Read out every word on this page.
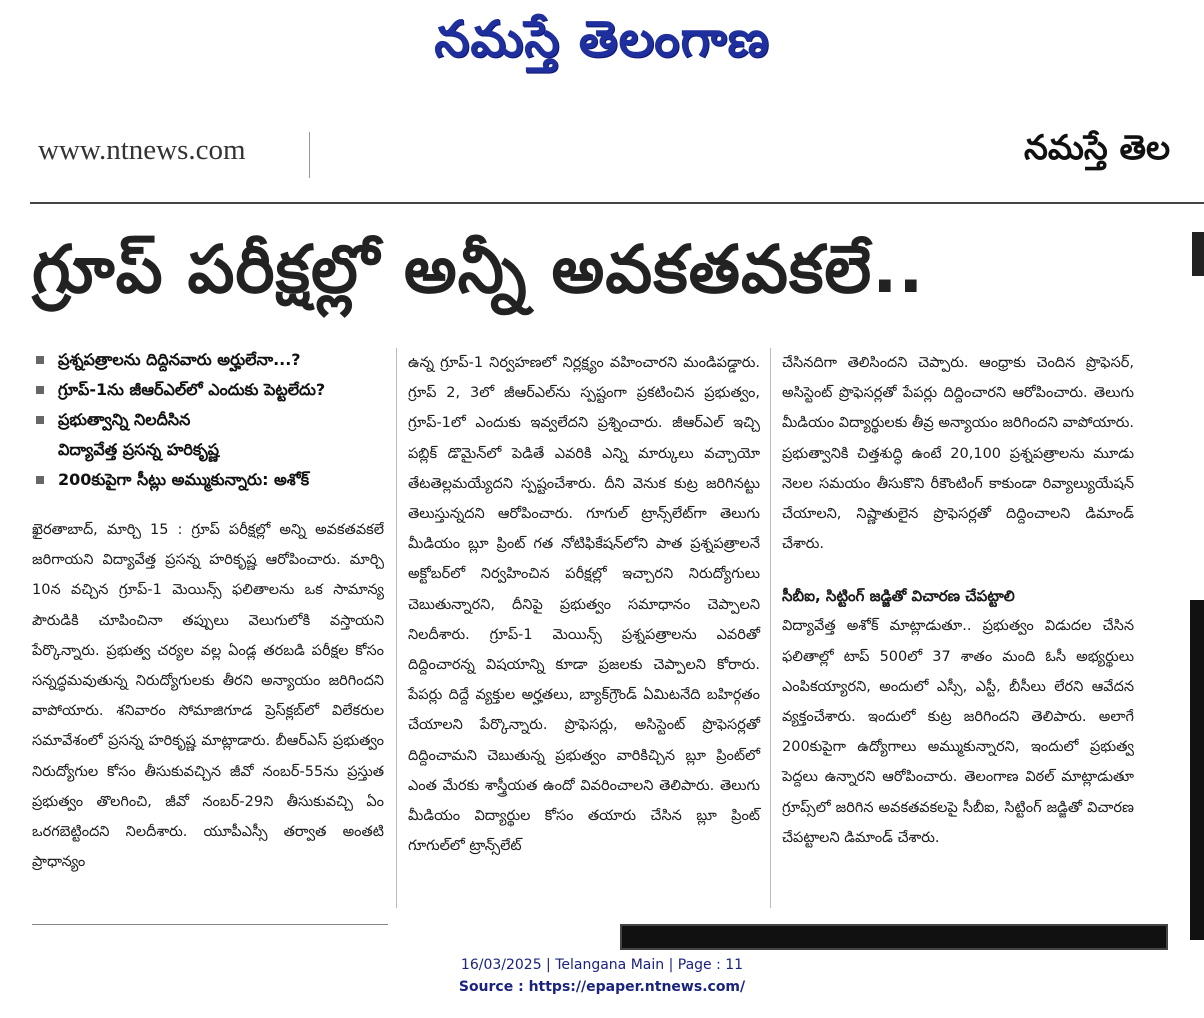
నమస్తే తెలంగాణ
www.ntnews.com	నమస్తే తెల
గ్రూప్ పరీక్షల్లో అన్నీ అవకతవకలే..
ప్రశ్నపత్రాలను దిద్దినవారు అర్హులేనా...?
గ్రూప్-1ను జీఆర్‌ఎల్‌లో ఎందుకు పెట్టలేదు?
ప్రభుత్వాన్ని నిలదీసిన
విద్యావేత్త ప్రసన్న హరికృష్ణ
200కుపైగా సీట్లు అమ్ముకున్నారు: అశోక్

ఖైరతాబాద్, మార్చి 15 : గ్రూప్ పరీక్షల్లో అన్ని అవకతవకలే జరిగాయని విద్యావేత్త ప్రసన్న హరికృష్ణ ఆరోపించారు. మార్చి 10న వచ్చిన గ్రూప్-1 మెయిన్స్ ఫలితాలను ఒక సామాన్య పౌరుడికి చూపించినా తప్పులు వెలుగులోకి వస్తాయని పేర్కొన్నారు. ప్రభుత్వ చర్యల వల్ల ఏండ్ల తరబడి పరీక్షల కోసం సన్నద్ధమవుతున్న నిరుద్యోగులకు తీరని అన్యాయం జరిగిందని వాపోయారు. శనివారం సోమాజిగూడ ప్రెస్‌క్లబ్‌లో విలేకరుల సమావేశంలో ప్రసన్న హరికృష్ణ మాట్లాడారు. బీఆర్‌ఎస్ ప్రభుత్వం నిరుద్యోగుల కోసం తీసుకువచ్చిన జీవో నంబర్-55ను ప్రస్తుత ప్రభుత్వం తొలగించి, జీవో నంబర్-29ని తీసుకువచ్చి ఏం ఒరగబెట్టిందని నిలదీశారు. యూపీఎస్సీ తర్వాత అంతటి ప్రాధాన్యం

ఉన్న గ్రూప్-1 నిర్వహణలో నిర్లక్ష్యం వహించారని మండిపడ్డారు. గ్రూప్ 2, 3లో జీఆర్‌ఎల్‌ను స్పష్టంగా ప్రకటించిన ప్రభుత్వం, గ్రూప్-1లో ఎందుకు ఇవ్వలేదని ప్రశ్నించారు. జీఆర్‌ఎల్ ఇచ్చి పబ్లిక్ డొమైన్‌లో పెడితే ఎవరికి ఎన్ని మార్కులు వచ్చాయో తేటతెల్లమయ్యేదని స్పష్టంచేశారు. దీని వెనుక కుట్ర జరిగినట్టు తెలుస్తున్నదని ఆరోపించారు. గూగుల్ ట్రాన్స్‌లేట్‌గా తెలుగు మీడియం బ్లూ ప్రింట్ గత నోటిఫికేషన్‌లోని పాత ప్రశ్నపత్రాలనే అక్టోబర్‌లో నిర్వహించిన పరీక్షల్లో ఇచ్చారని నిరుద్యోగులు చెబుతున్నారని, దీనిపై ప్రభుత్వం సమాధానం చెప్పాలని నిలదీశారు. గ్రూప్-1 మెయిన్స్ ప్రశ్నపత్రాలను ఎవరితో దిద్దించారన్న విషయాన్ని కూడా ప్రజలకు చెప్పాలని కోరారు. పేపర్లు దిద్దే వ్యక్తుల అర్హతలు, బ్యాక్‌గ్రౌండ్ ఏమిటనేది బహిర్గతం చేయాలని పేర్కొన్నారు. ప్రొఫెసర్లు, అసిస్టెంట్ ప్రొఫెసర్లతో దిద్దించామని చెబుతున్న ప్రభుత్వం వారికిచ్చిన బ్లూ ప్రింట్‌లో ఎంత మేరకు శాస్త్రీయత ఉందో వివరించాలని తెలిపారు. తెలుగు మీడియం విద్యార్థుల కోసం తయారు చేసిన బ్లూ ప్రింట్ గూగుల్‌లో ట్రాన్స్‌లేట్

చేసినదిగా తెలిసిందని చెప్పారు. ఆంధ్రాకు చెందిన ప్రొఫెసర్, అసిస్టెంట్ ప్రొఫెసర్లతో పేపర్లు దిద్దించారని ఆరోపించారు. తెలుగు మీడియం విద్యార్థులకు తీవ్ర అన్యాయం జరిగిందని వాపోయారు. ప్రభుత్వానికి చిత్తశుద్ధి ఉంటే 20,100 ప్రశ్నపత్రాలను మూడు నెలల సమయం తీసుకొని రీకౌంటింగ్ కాకుండా రివ్యాల్యుయేషన్ చేయాలని, నిష్ణాతులైన ప్రొఫెసర్లతో దిద్దించాలని డిమాండ్ చేశారు.

సీబీఐ, సిట్టింగ్ జడ్జితో విచారణ చేపట్టాలి

విద్యావేత్త అశోక్ మాట్లాడుతూ.. ప్రభుత్వం విడుదల చేసిన ఫలితాల్లో టాప్ 500లో 37 శాతం మంది ఓసీ అభ్యర్థులు ఎంపికయ్యారని, అందులో ఎస్సీ, ఎస్టీ, బీసీలు లేరని ఆవేదన వ్యక్తంచేశారు. ఇందులో కుట్ర జరిగిందని తెలిపారు. అలాగే 200కుపైగా ఉద్యోగాలు అమ్ముకున్నారని, ఇందులో ప్రభుత్వ పెద్దలు ఉన్నారని ఆరోపించారు. తెలంగాణ విఠల్ మాట్లాడుతూ గ్రూప్స్‌లో జరిగిన అవకతవకలపై సీబీఐ, సిట్టింగ్ జడ్జితో విచారణ చేపట్టాలని డిమాండ్ చేశారు.

16/03/2025 | Telangana Main | Page : 11
Source : https://epaper.ntnews.com/
